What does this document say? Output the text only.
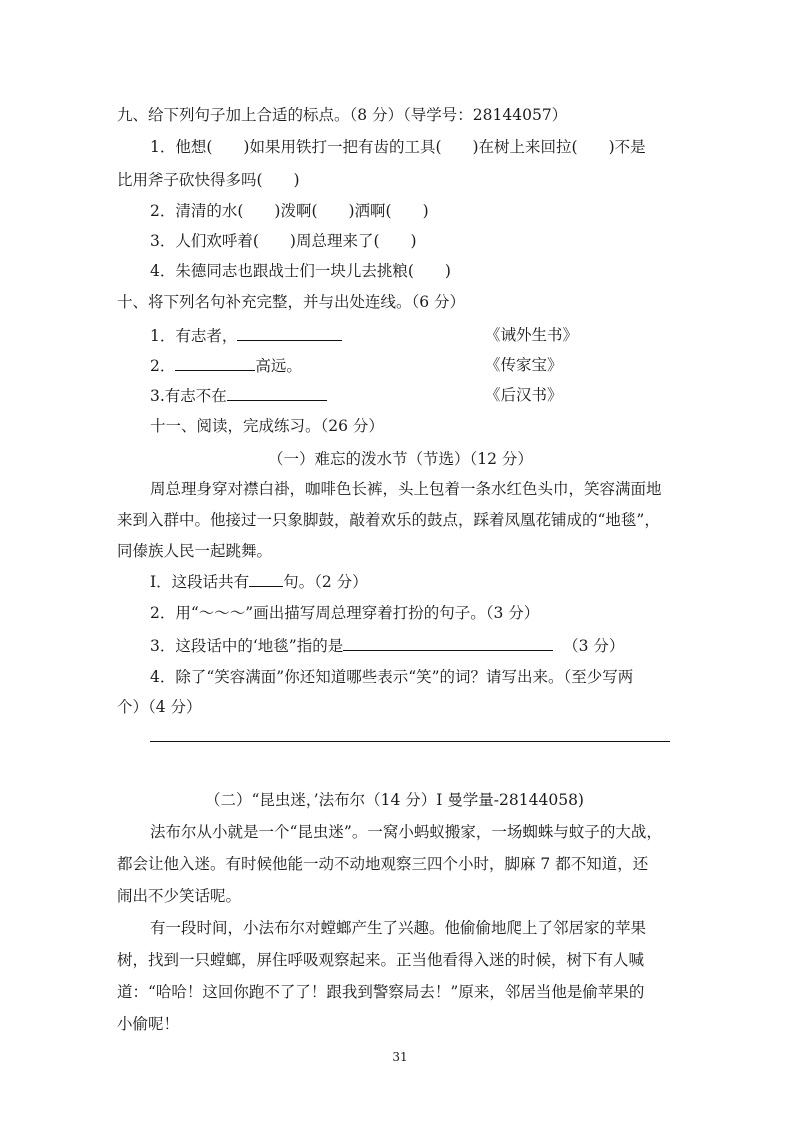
九、给下列句子加上合适的标点。（8 分）（导学号：28144057）
1．他想(　　)如果用铁打一把有齿的工具(　　)在树上来回拉(　　)不是
比用斧子砍快得多吗(　　)
2．清清的水(　　)泼啊(　　)洒啊(　　)
3．人们欢呼着(　　)周总理来了(　　)
4．朱德同志也跟战士们一块儿去挑粮(　　)
十、将下列名句补充完整，并与出处连线。（6 分）
1．有志者，	《诫外生书》
2．	高远。	《传家宝》
3.有志不在	《后汉书》
十一、阅读，完成练习。（26 分）
（一）难忘的泼水节（节选）（12 分）
周总理身穿对襟白褂，咖啡色长裤，头上包着一条水红色头巾，笑容满面地
来到入群中。他接过一只象脚鼓，敲着欢乐的鼓点，踩着凤凰花铺成的“地毯”，
同傣族人民一起跳舞。
I．这段话共有 句。（2 分）
2．用“～～～”画出描写周总理穿着打扮的句子。（3 分）
3．这段话中的‘地毯”指的是	（3 分）
4．除了“笑容满面”你还知道哪些表示“笑”的词？请写出来。（至少写两
个）（4 分）
（二）“昆虫迷，’法布尔（14 分）I 曼学量-28144058)
法布尔从小就是一个“昆虫迷”。一窝小蚂蚁搬家，一场蜘蛛与蚊子的大战，
都会让他入迷。有时候他能一动不动地观察三四个小时，脚麻 7 都不知道，还
闹出不少笑话呢。
有一段时间，小法布尔对螳螂产生了兴趣。他偷偷地爬上了邻居家的苹果
树，找到一只螳螂，屏住呼吸观察起来。正当他看得入迷的时候，树下有人喊
道：“哈哈！这回你跑不了了！跟我到警察局去！”原来，邻居当他是偷苹果的
小偷呢！
31
